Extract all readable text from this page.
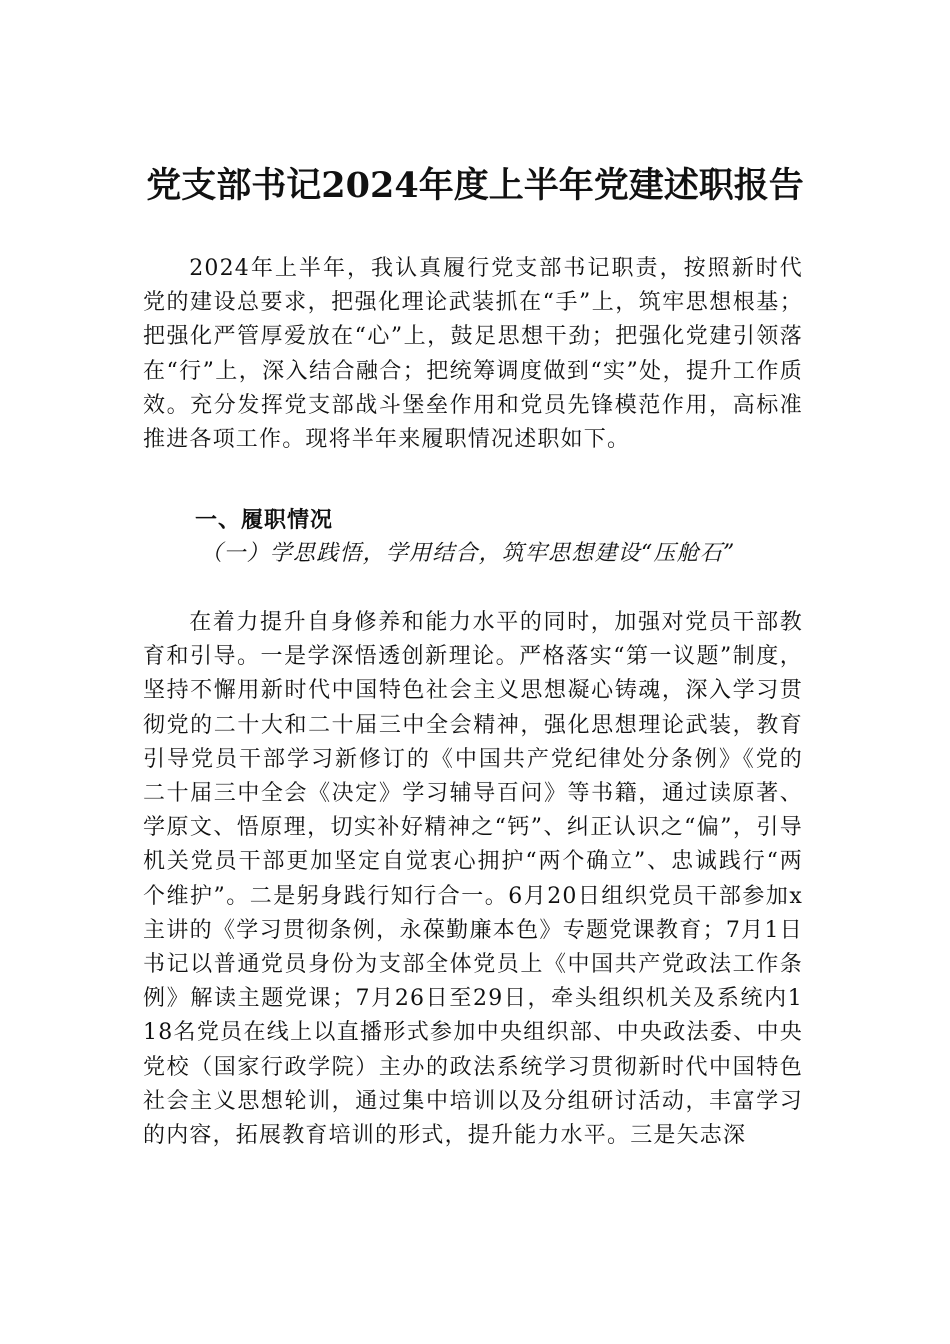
党支部书记2024年度上半年党建述职报告
2024年上半年，我认真履行党支部书记职责，按照新时代党的建设总要求，把强化理论武装抓在“手”上，筑牢思想根基；把强化严管厚爱放在“心”上，鼓足思想干劲；把强化党建引领落在“行”上，深入结合融合；把统筹调度做到“实”处，提升工作质效。充分发挥党支部战斗堡垒作用和党员先锋模范作用，高标准推进各项工作。现将半年来履职情况述职如下。
一、履职情况
（一）学思践悟，学用结合，筑牢思想建设“压舱石”
在着力提升自身修养和能力水平的同时，加强对党员干部教育和引导。一是学深悟透创新理论。严格落实“第一议题”制度，坚持不懈用新时代中国特色社会主义思想凝心铸魂，深入学习贯彻党的二十大和二十届三中全会精神，强化思想理论武装，教育引导党员干部学习新修订的《中国共产党纪律处分条例》《党的二十届三中全会《决定》学习辅导百问》等书籍，通过读原著、学原文、悟原理，切实补好精神之“钙”、纠正认识之“偏”，引导机关党员干部更加坚定自觉衷心拥护“两个确立”、忠诚践行“两个维护”。二是躬身践行知行合一。6月20日组织党员干部参加x主讲的《学习贯彻条例，永葆勤廉本色》专题党课教育；7月1日书记以普通党员身份为支部全体党员上《中国共产党政法工作条例》解读主题党课；7月26日至29日，牵头组织机关及系统内118名党员在线上以直播形式参加中央组织部、中央政法委、中央党校（国家行政学院）主办的政法系统学习贯彻新时代中国特色社会主义思想轮训，通过集中培训以及分组研讨活动，丰富学习的内容，拓展教育培训的形式，提升能力水平。三是矢志深
